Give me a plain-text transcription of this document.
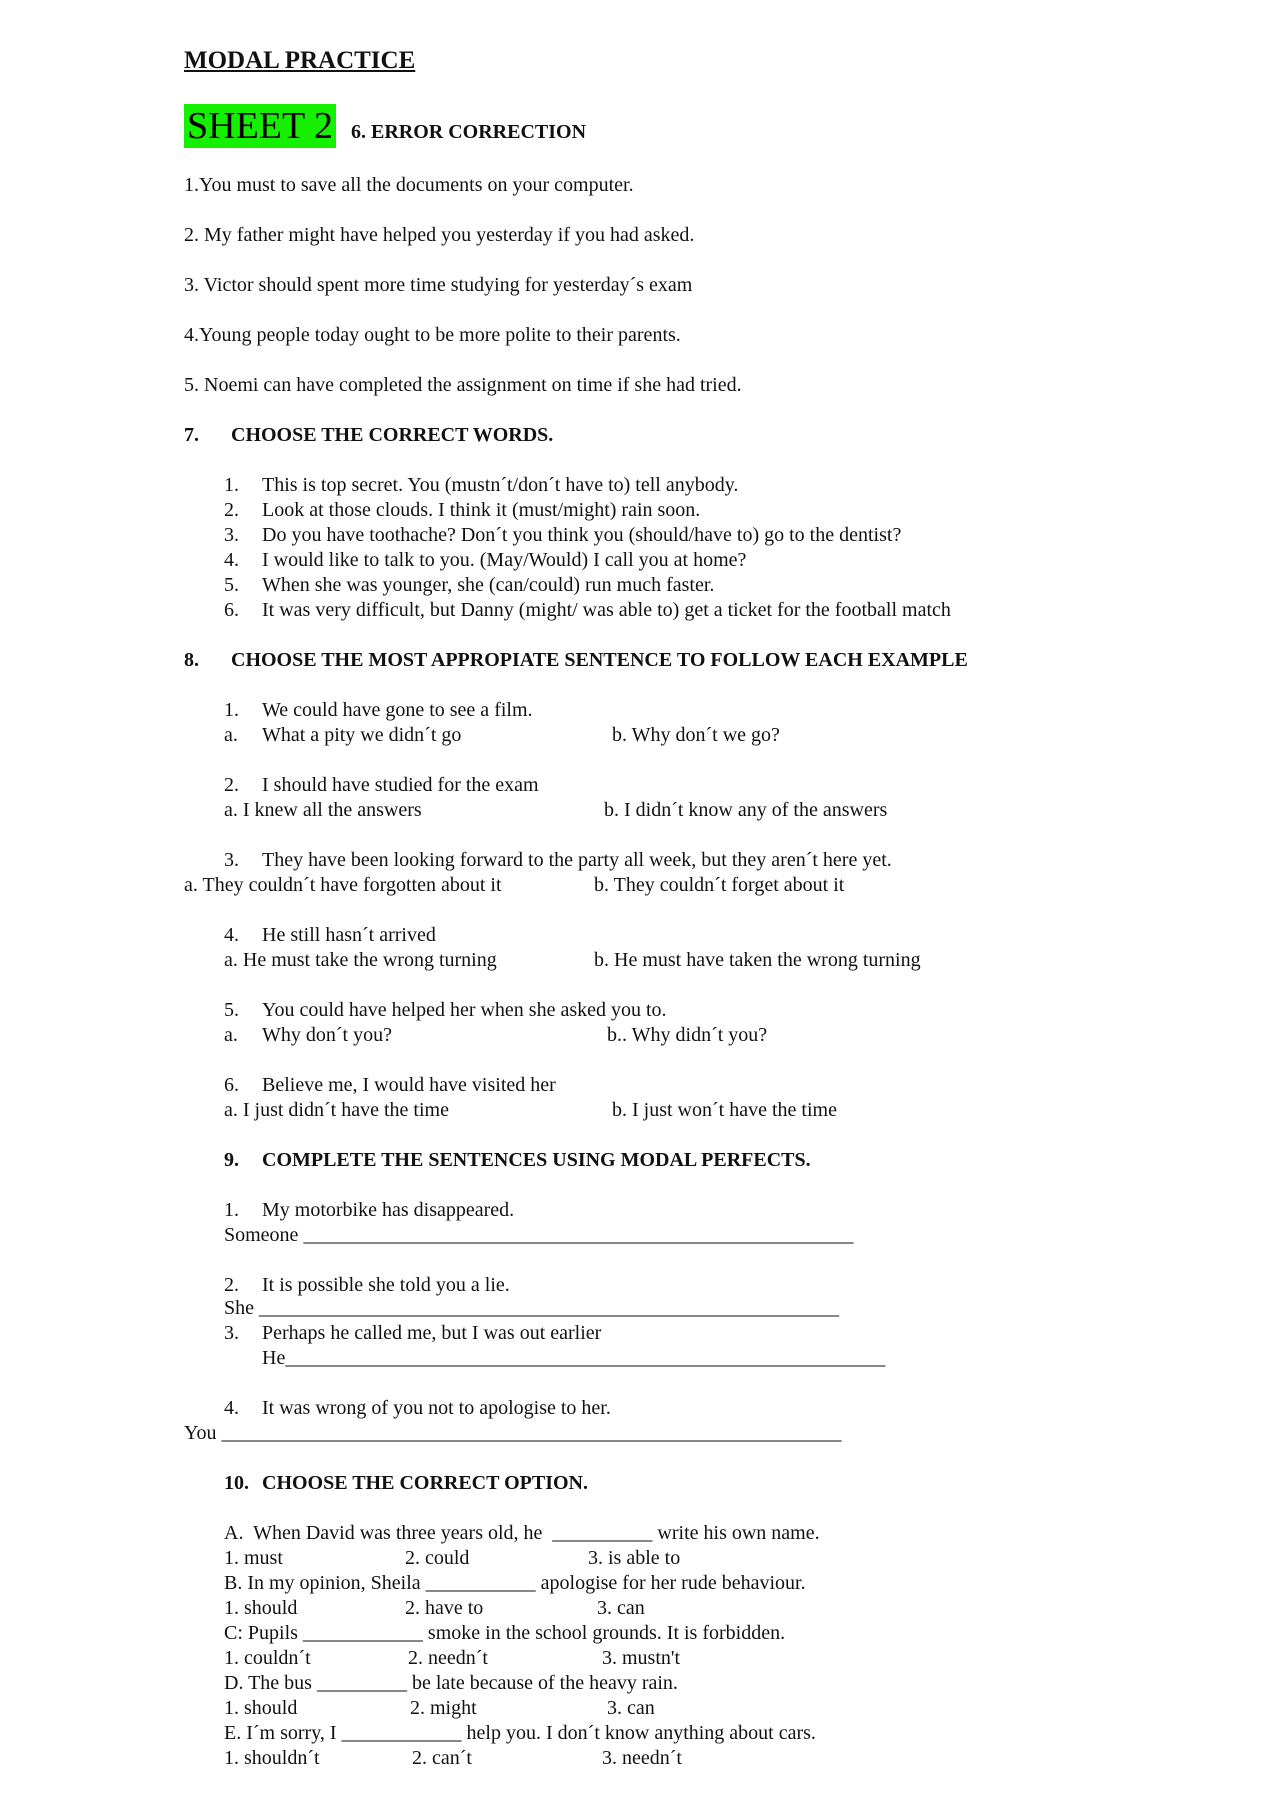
MODAL PRACTICE
SHEET 2 6. ERROR CORRECTION
1.You must to save all the documents on your computer.
2. My father might have helped you yesterday if you had asked.
3. Victor should spent more time studying for yesterday´s exam
4.Young people today ought to be more polite to their parents.
5. Noemi can have completed the assignment on time if she had tried.
7. CHOOSE THE CORRECT WORDS.
1. This is top secret. You (mustn´t/don´t have to) tell anybody.
2. Look at those clouds. I think it (must/might) rain soon.
3. Do you have toothache? Don´t you think you (should/have to) go to the dentist?
4. I would like to talk to you. (May/Would) I call you at home?
5. When she was younger, she (can/could) run much faster.
6. It was very difficult, but Danny (might/ was able to) get a ticket for the football match
8. CHOOSE THE MOST APPROPIATE SENTENCE TO FOLLOW EACH EXAMPLE
1. We could have gone to see a film.
a. What a pity we didn´t go	b. Why don´t we go?
2. I should have studied for the exam
a. I knew all the answers	b. I didn´t know any of the answers
3. They have been looking forward to the party all week, but they aren´t here yet.
a. They couldn´t have forgotten about it	b. They couldn´t forget about it
4. He still hasn´t arrived
a. He must take the wrong turning	b. He must have taken the wrong turning
5. You could have helped her when she asked you to.
a. Why don´t you?	b.. Why didn´t you?
6. Believe me, I would have visited her
a. I just didn´t have the time	b. I just won´t have the time
9. COMPLETE THE SENTENCES USING MODAL PERFECTS.
1. My motorbike has disappeared.
Someone _______________________________________________________
2. It is possible she told you a lie.
She __________________________________________________________
3. Perhaps he called me, but I was out earlier
He____________________________________________________________
4. It was wrong of you not to apologise to her.
You ______________________________________________________________
10. CHOOSE THE CORRECT OPTION.
A.  When David was three years old, he  __________ write his own name.
1. must	2. could	3. is able to
B. In my opinion, Sheila ___________ apologise for her rude behaviour.
1. should	2. have to	3. can
C: Pupils ____________ smoke in the school grounds. It is forbidden.
1. couldn´t	2. needn´t	3. mustn't
D. The bus _________ be late because of the heavy rain.
1. should	2. might	3. can
E. I´m sorry, I ____________ help you. I don´t know anything about cars.
1. shouldn´t	2. can´t	3. needn´t
